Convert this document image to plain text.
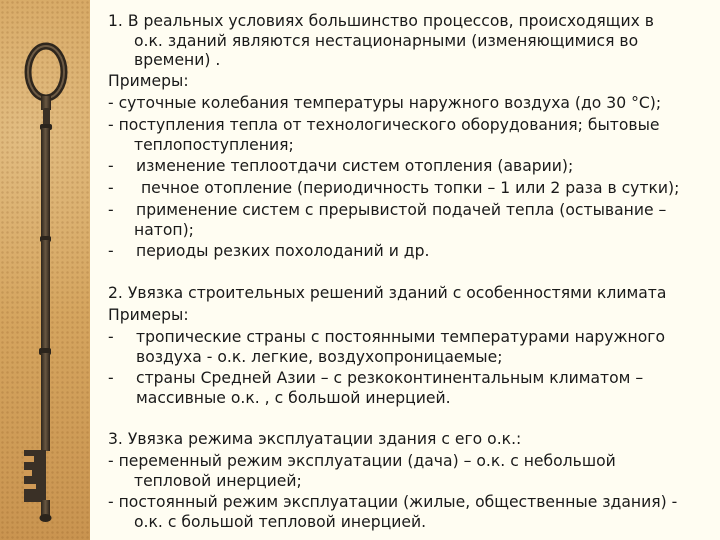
1. В реальных условиях большинство процессов, происходящих в
о.к. зданий являются нестационарными (изменяющимися во
времени) .
Примеры:
- суточные колебания температуры наружного воздуха (до 30 °С);
- поступления тепла от технологического оборудования; бытовые
теплопоступления;
- изменение теплоотдачи систем отопления (аварии);
- печное отопление (периодичность топки – 1 или 2 раза в сутки);
- применение систем с прерывистой подачей тепла (остывание –
натоп);
- периоды резких похолоданий и др.
2. Увязка строительных решений зданий с особенностями климата
Примеры:
- тропические страны с постоянными температурами наружного
воздуха - о.к. легкие, воздухопроницаемые;
- страны Средней Азии – с резкоконтинентальным климатом –
массивные о.к. , с большой инерцией.
3. Увязка режима эксплуатации здания с его о.к.:
- переменный режим эксплуатации (дача) – о.к. с небольшой
тепловой инерцией;
- постоянный режим эксплуатации (жилые, общественные здания) -
о.к. с большой тепловой инерцией.
